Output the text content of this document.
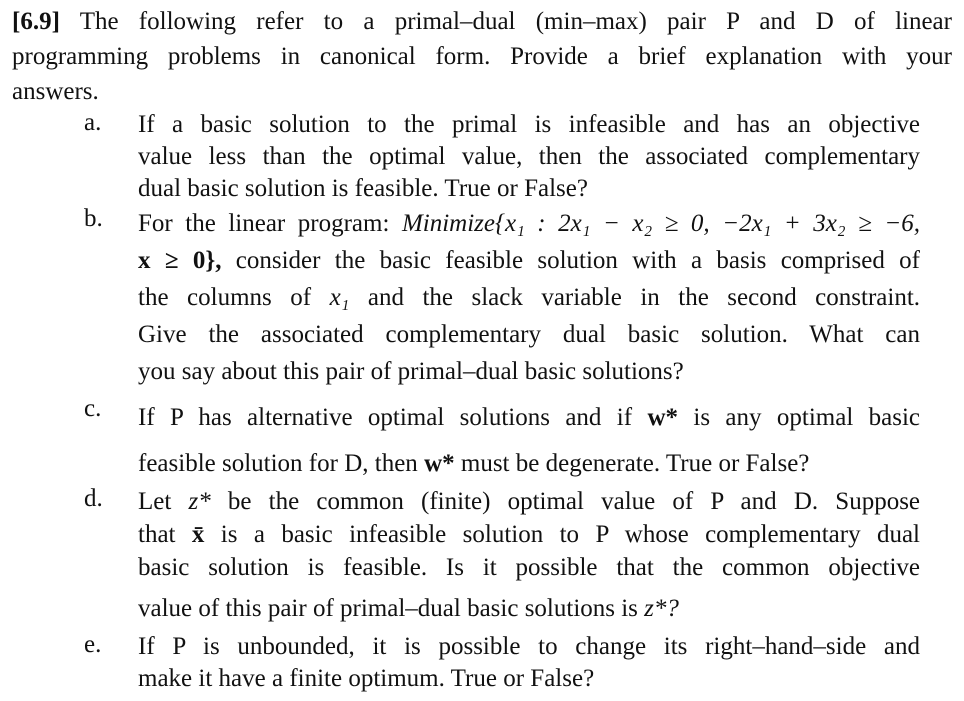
[6.9] The following refer to a primal–dual (min–max) pair P and D of linear
programming problems in canonical form. Provide a brief explanation with your
answers.
a. If a basic solution to the primal is infeasible and has an objective
value less than the optimal value, then the associated complementary
dual basic solution is feasible. True or False?
b. For the linear program: Minimize{x₁ : 2x₁ − x₂ ≥ 0, −2x₁ + 3x₂ ≥ −6,
x ≥ 0}, consider the basic feasible solution with a basis comprised of
the columns of x₁ and the slack variable in the second constraint.
Give the associated complementary dual basic solution. What can
you say about this pair of primal–dual basic solutions?
c. If P has alternative optimal solutions and if w* is any optimal basic
feasible solution for D, then w* must be degenerate. True or False?
d. Let z* be the common (finite) optimal value of P and D. Suppose
that x̄ is a basic infeasible solution to P whose complementary dual
basic solution is feasible. Is it possible that the common objective
value of this pair of primal–dual basic solutions is z*?
e. If P is unbounded, it is possible to change its right–hand–side and
make it have a finite optimum. True or False?
